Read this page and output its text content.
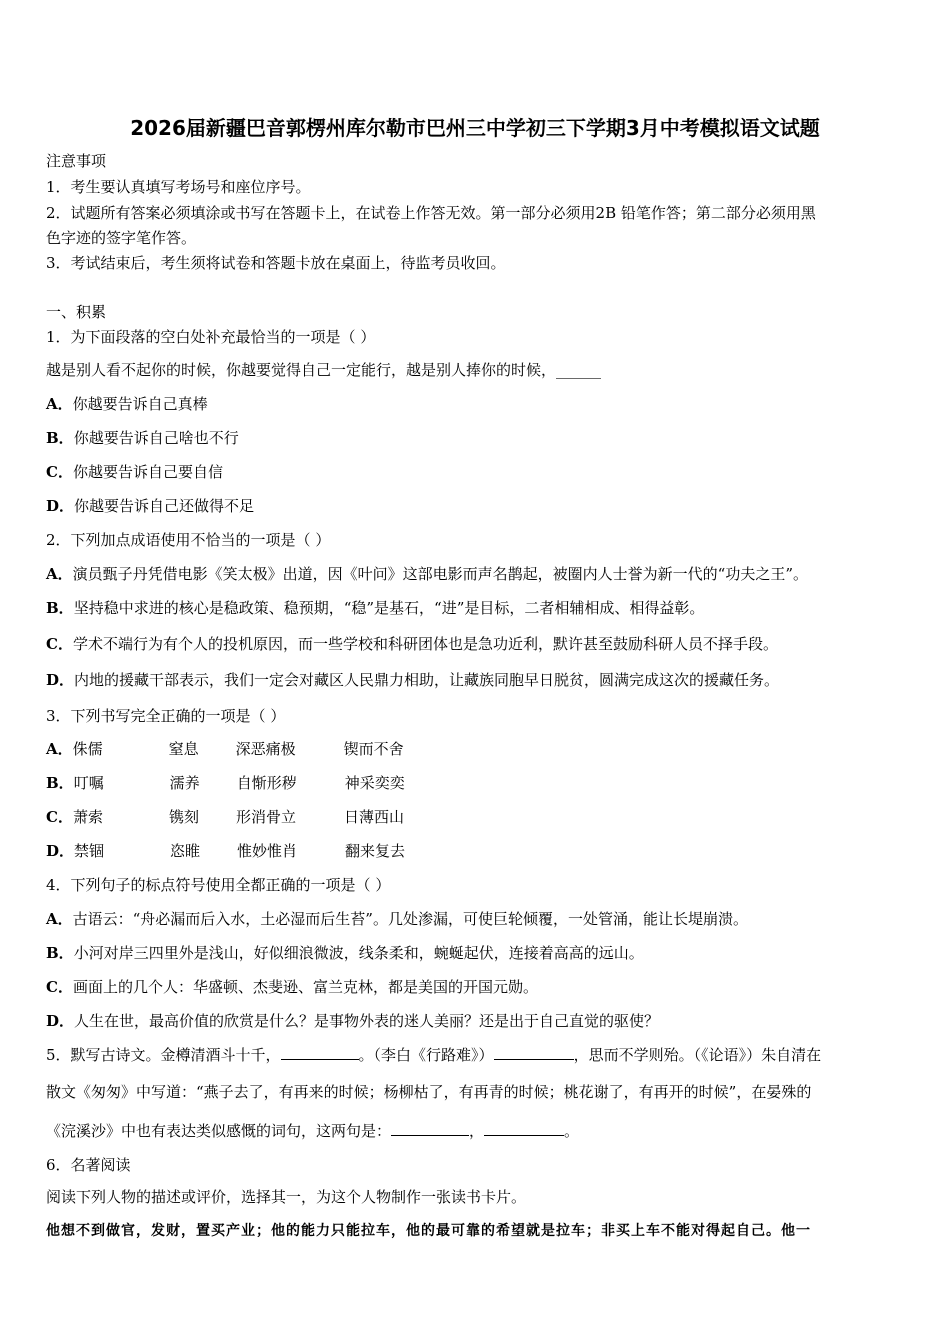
2026届新疆巴音郭楞州库尔勒市巴州三中学初三下学期3月中考模拟语文试题
注意事项
1．考生要认真填写考场号和座位序号。
2．试题所有答案必须填涂或书写在答题卡上，在试卷上作答无效。第一部分必须用2B 铅笔作答；第二部分必须用黑
色字迹的签字笔作答。
3．考试结束后，考生须将试卷和答题卡放在桌面上，待监考员收回。
一、积累
1．为下面段落的空白处补充最恰当的一项是（ ）
越是别人看不起你的时候，你越要觉得自己一定能行，越是别人捧你的时候，______
A．你越要告诉自己真棒
B．你越要告诉自己啥也不行
C．你越要告诉自己要自信
D．你越要告诉自己还做得不足
2．下列加点成语使用不恰当的一项是（ ）
A．演员甄子丹凭借电影《笑太极》出道，因《叶问》这部电影而声名鹊起，被圈内人士誉为新一代的“功夫之王”。
B．坚持稳中求进的核心是稳政策、稳预期，“稳”是基石，“进”是目标，二者相辅相成、相得益彰。
C．学术不端行为有个人的投机原因，而一些学校和科研团体也是急功近利，默许甚至鼓励科研人员不择手段。
D．内地的援藏干部表示，我们一定会对藏区人民鼎力相助，让藏族同胞早日脱贫，圆满完成这次的援藏任务。
3．下列书写完全正确的一项是（ ）
A．侏儒	窒息 深恶痛极	锲而不舍
B．叮嘱	濡养 自惭形秽	神采奕奕
C．萧索	镌刻 形消骨立	日薄西山
D．禁锢	恣睢 惟妙惟肖	翻来复去
4．下列句子的标点符号使用全都正确的一项是（ ）
A．古语云：“舟必漏而后入水，土必湿而后生苔”。几处渗漏，可使巨轮倾覆，一处管涌，能让长堤崩溃。
B．小河对岸三四里外是浅山，好似细浪微波，线条柔和，蜿蜒起伏，连接着高高的远山。
C．画面上的几个人：华盛顿、杰斐逊、富兰克林，都是美国的开国元勋。
D．人生在世，最高价值的欣赏是什么？是事物外表的迷人美丽？还是出于自己直觉的驱使？
5．默写古诗文。金樽清酒斗十千，	。（李白《行路难》）	，思而不学则殆。（《论语》）朱自清在
散文《匆匆》中写道：“燕子去了，有再来的时候；杨柳枯了，有再青的时候；桃花谢了，有再开的时候”，在晏殊的
《浣溪沙》中也有表达类似感慨的词句，这两句是：	，	。
6．名著阅读
阅读下列人物的描述或评价，选择其一，为这个人物制作一张读书卡片。
他想不到做官，发财，置买产业；他的能力只能拉车，他的最可靠的希望就是拉车；非买上车不能对得起自己。他一
